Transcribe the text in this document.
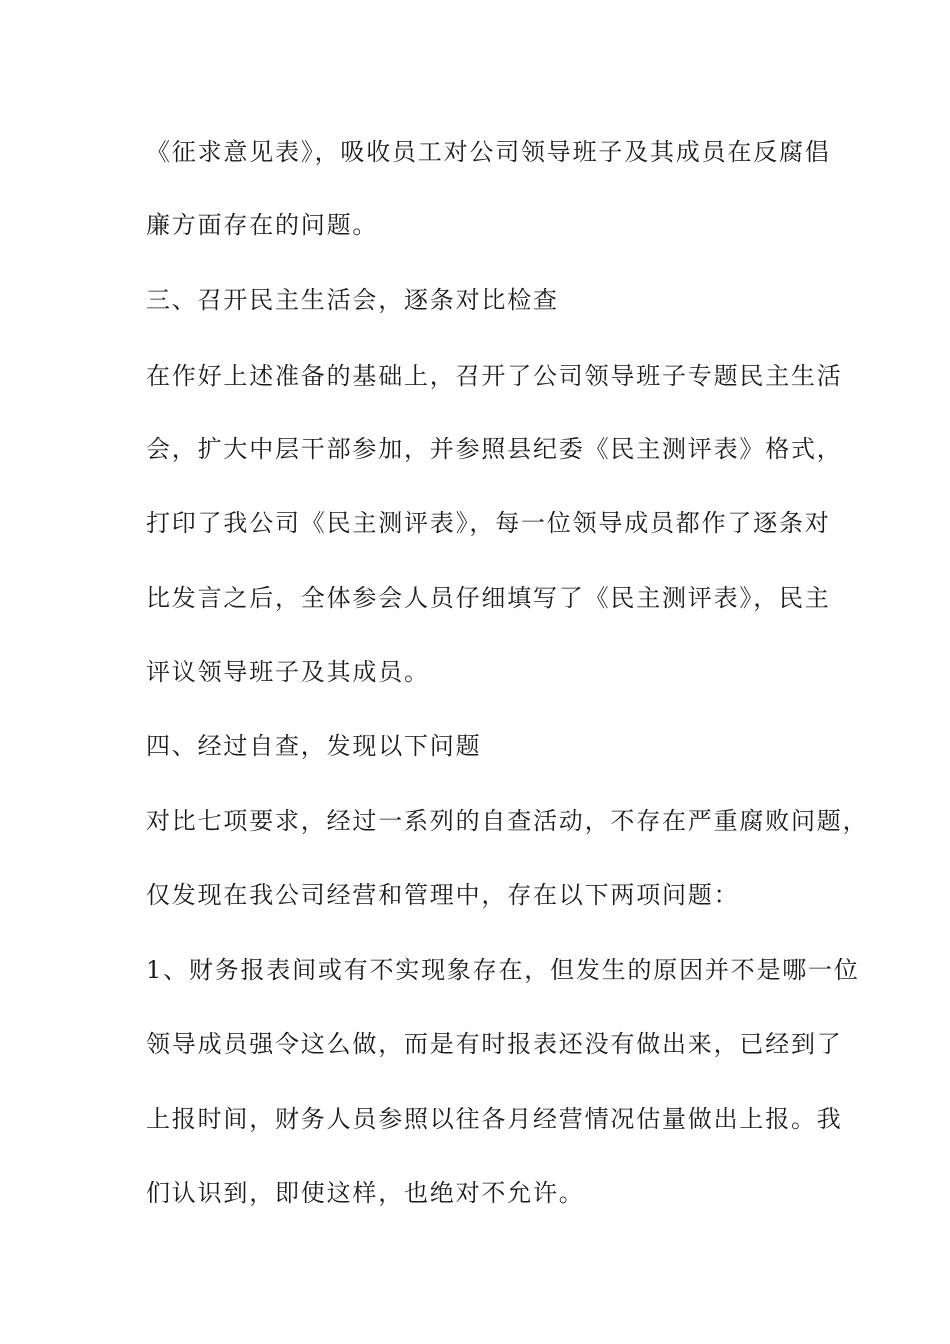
《征求意见表》，吸收员工对公司领导班子及其成员在反腐倡
廉方面存在的问题。
三、召开民主生活会，逐条对比检查
在作好上述准备的基础上，召开了公司领导班子专题民主生活
会，扩大中层干部参加，并参照县纪委《民主测评表》格式，
打印了我公司《民主测评表》，每一位领导成员都作了逐条对
比发言之后，全体参会人员仔细填写了《民主测评表》，民主
评议领导班子及其成员。
四、经过自查，发现以下问题
对比七项要求，经过一系列的自查活动，不存在严重腐败问题，
仅发现在我公司经营和管理中，存在以下两项问题：
1、财务报表间或有不实现象存在，但发生的原因并不是哪一位
领导成员强令这么做，而是有时报表还没有做出来，已经到了
上报时间，财务人员参照以往各月经营情况估量做出上报。我
们认识到，即使这样，也绝对不允许。
